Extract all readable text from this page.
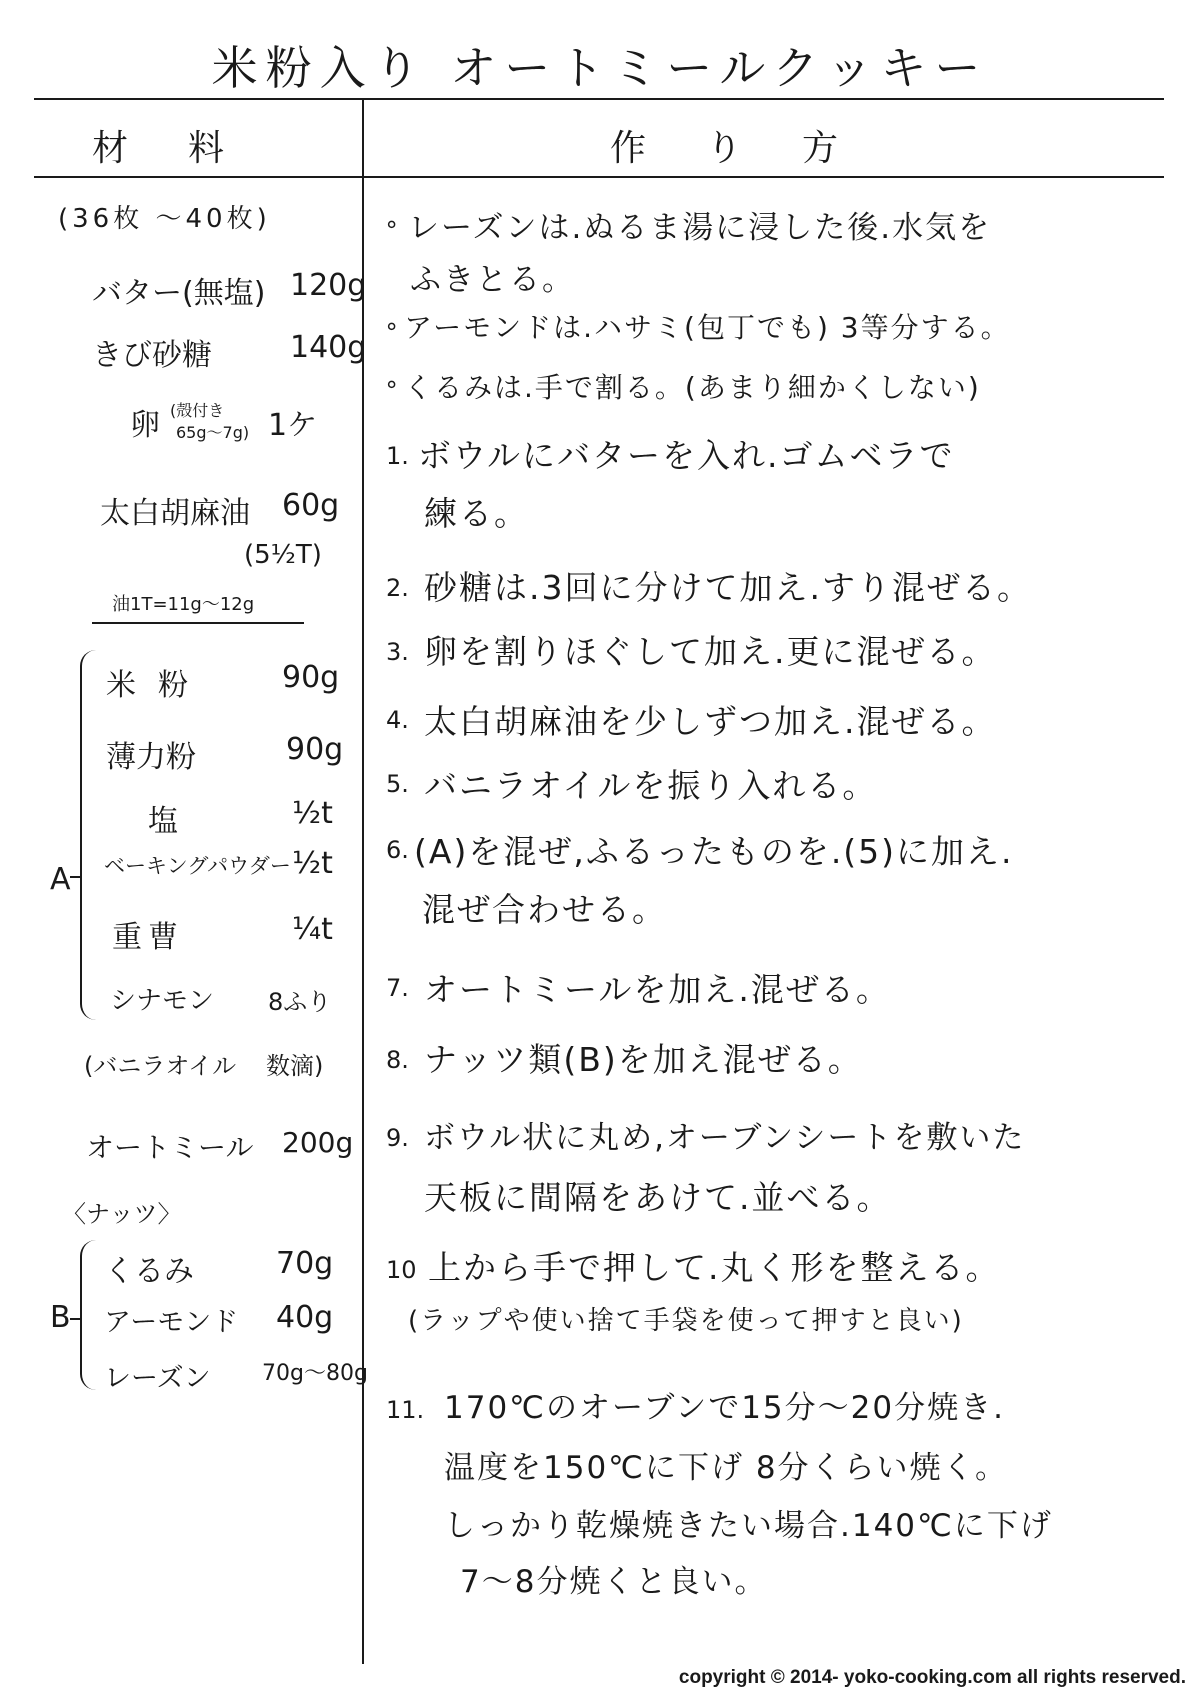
米粉入り オートミールクッキー
材料	作り方
(36枚 〜40枚)
バター(無塩) 120g
きび砂糖	140g
卵 (殻付き
65g〜7g) 1ケ
太白胡麻油 60g
(5½T)
油1T=11g〜12g
A
米粉 90g
薄力粉	90g
塩	½t
ベーキングパウダー ½t
重曹	¼t
シナモン 8ふり
(バニラオイル 数滴)
オートミール 200g
〈ナッツ〉
B
くるみ	70g
アーモンド 40g
レーズン 70g〜80g
∘ レーズンは.ぬるま湯に浸した後.水気を
ふきとる。
∘ アーモンドは.ハサミ(包丁でも) 3等分する。
∘ くるみは.手で割る。(あまり細かくしない)
1. ボウルにバターを入れ.ゴムベラで
練る。
2. 砂糖は.3回に分けて加え.すり混ぜる。
3. 卵を割りほぐして加え.更に混ぜる。
4. 太白胡麻油を少しずつ加え.混ぜる。
5. バニラオイルを振り入れる。
6. (A)を混ぜ,ふるったものを.(5)に加え.
混ぜ合わせる。
7. オートミールを加え.混ぜる。
8. ナッツ類(B)を加え混ぜる。
9. ボウル状に丸め,オーブンシートを敷いた
天板に間隔をあけて.並べる。
10 上から手で押して.丸く形を整える。
(ラップや使い捨て手袋を使って押すと良い)
11. 170℃のオーブンで15分〜20分焼き.
温度を150℃に下げ 8分くらい焼く。
しっかり乾燥焼きたい場合.140℃に下げ
7〜8分焼くと良い。
copyright © 2014- yoko-cooking.com all rights reserved.
